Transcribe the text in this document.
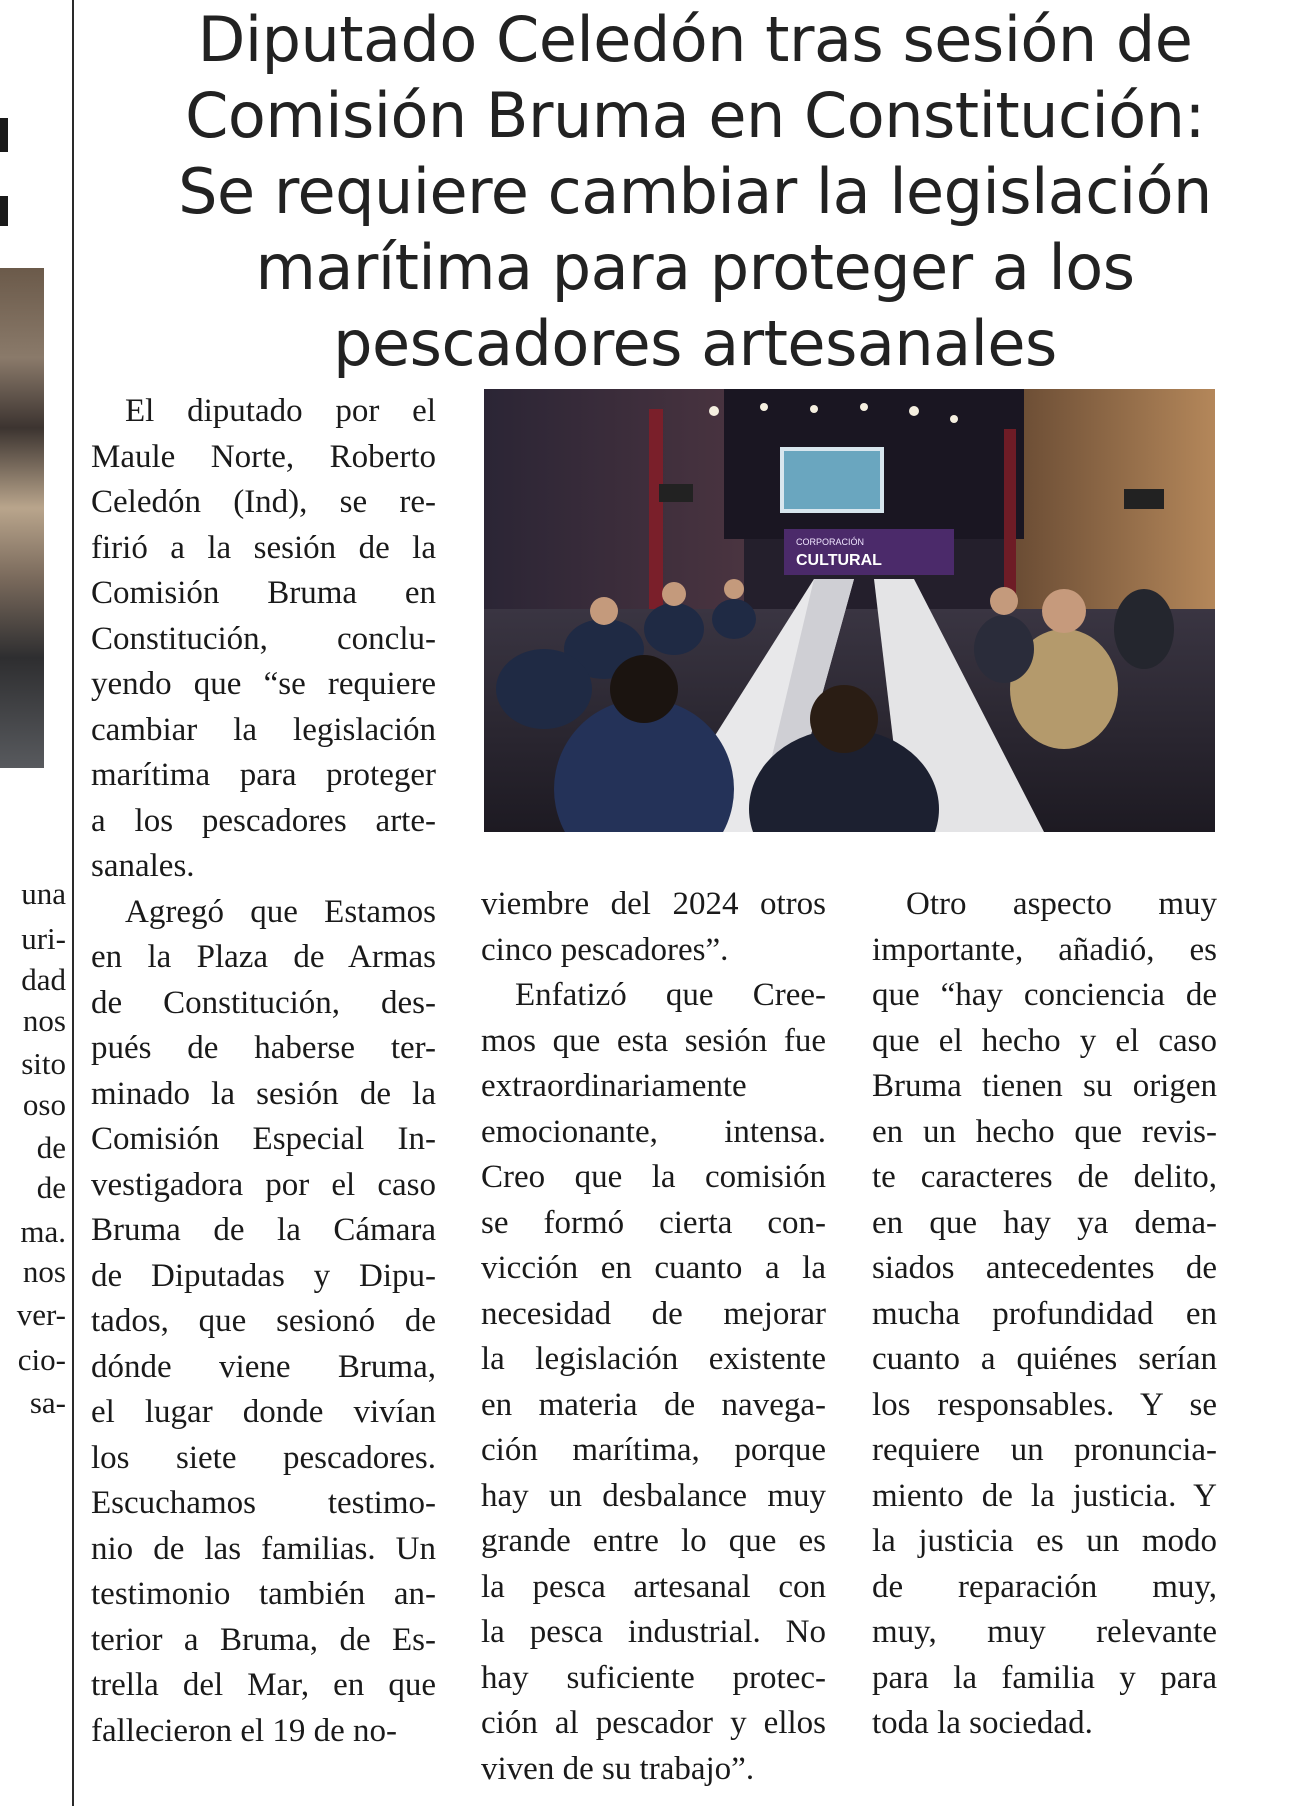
una
uri-
dad
nos
sito
oso
de
de
ma.
nos
ver-
cio-
sa-
Diputado Celedón tras sesión de
Comisión Bruma en Constitución:
Se requiere cambiar la legislación
marítima para proteger a los
pescadores artesanales
CORPORACIÓN
CULTURAL
El diputado por el
Maule Norte, Roberto
Celedón (Ind), se re-
firió a la sesión de la
Comisión Bruma en
Constitución, conclu-
yendo que “se requiere
cambiar la legislación
marítima para proteger
a los pescadores arte-
sanales.
Agregó que Estamos
en la Plaza de Armas
de Constitución, des-
pués de haberse ter-
minado la sesión de la
Comisión Especial In-
vestigadora por el caso
Bruma de la Cámara
de Diputadas y Dipu-
tados, que sesionó de
dónde viene Bruma,
el lugar donde vivían
los siete pescadores.
Escuchamos testimo-
nio de las familias. Un
testimonio también an-
terior a Bruma, de Es-
trella del Mar, en que
fallecieron el 19 de no-
viembre del 2024 otros
cinco pescadores”.
Enfatizó que Cree-
mos que esta sesión fue
extraordinariamente
emocionante, intensa.
Creo que la comisión
se formó cierta con-
vicción en cuanto a la
necesidad de mejorar
la legislación existente
en materia de navega-
ción marítima, porque
hay un desbalance muy
grande entre lo que es
la pesca artesanal con
la pesca industrial. No
hay suficiente protec-
ción al pescador y ellos
viven de su trabajo”.
Otro aspecto muy
importante, añadió, es
que “hay conciencia de
que el hecho y el caso
Bruma tienen su origen
en un hecho que revis-
te caracteres de delito,
en que hay ya dema-
siados antecedentes de
mucha profundidad en
cuanto a quiénes serían
los responsables. Y se
requiere un pronuncia-
miento de la justicia. Y
la justicia es un modo
de reparación muy,
muy, muy relevante
para la familia y para
toda la sociedad.
